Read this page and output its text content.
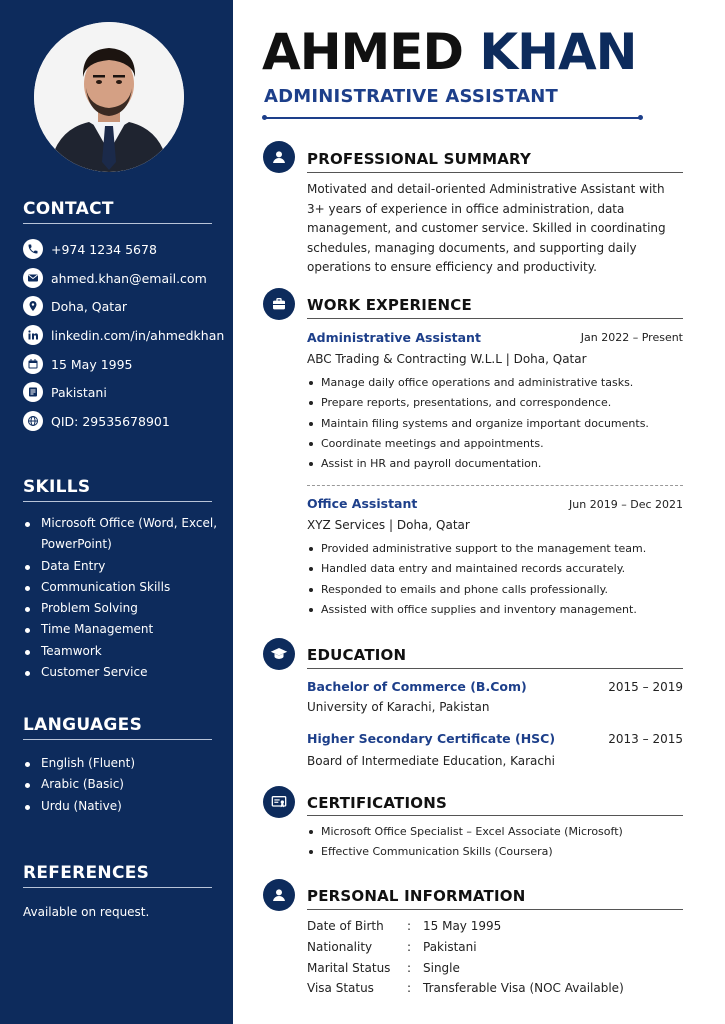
CONTACT
+974 1234 5678
ahmed.khan@email.com
Doha, Qatar
linkedin.com/in/ahmedkhan
15 May 1995
Pakistani
QID: 29535678901
SKILLS
Microsoft Office (Word, Excel, PowerPoint)
Data Entry
Communication Skills
Problem Solving
Time Management
Teamwork
Customer Service
LANGUAGES
English (Fluent)
Arabic (Basic)
Urdu (Native)
REFERENCES
Available on request.
AHMED KHAN
ADMINISTRATIVE ASSISTANT
PROFESSIONAL SUMMARY
Motivated and detail-oriented Administrative Assistant with 3+ years of experience in office administration, data management, and customer service. Skilled in coordinating schedules, managing documents, and supporting daily operations to ensure efficiency and productivity.
WORK EXPERIENCE
Administrative Assistant	Jan 2022 – Present
ABC Trading & Contracting W.L.L | Doha, Qatar
Manage daily office operations and administrative tasks.
Prepare reports, presentations, and correspondence.
Maintain filing systems and organize important documents.
Coordinate meetings and appointments.
Assist in HR and payroll documentation.
Office Assistant	Jun 2019 – Dec 2021
XYZ Services | Doha, Qatar
Provided administrative support to the management team.
Handled data entry and maintained records accurately.
Responded to emails and phone calls professionally.
Assisted with office supplies and inventory management.
EDUCATION
Bachelor of Commerce (B.Com)	2015 – 2019
University of Karachi, Pakistan
Higher Secondary Certificate (HSC)	2013 – 2015
Board of Intermediate Education, Karachi
CERTIFICATIONS
Microsoft Office Specialist – Excel Associate (Microsoft)
Effective Communication Skills (Coursera)
PERSONAL INFORMATION
Date of Birth	: 15 May 1995
Nationality	: Pakistani
Marital Status	: Single
Visa Status	: Transferable Visa (NOC Available)
